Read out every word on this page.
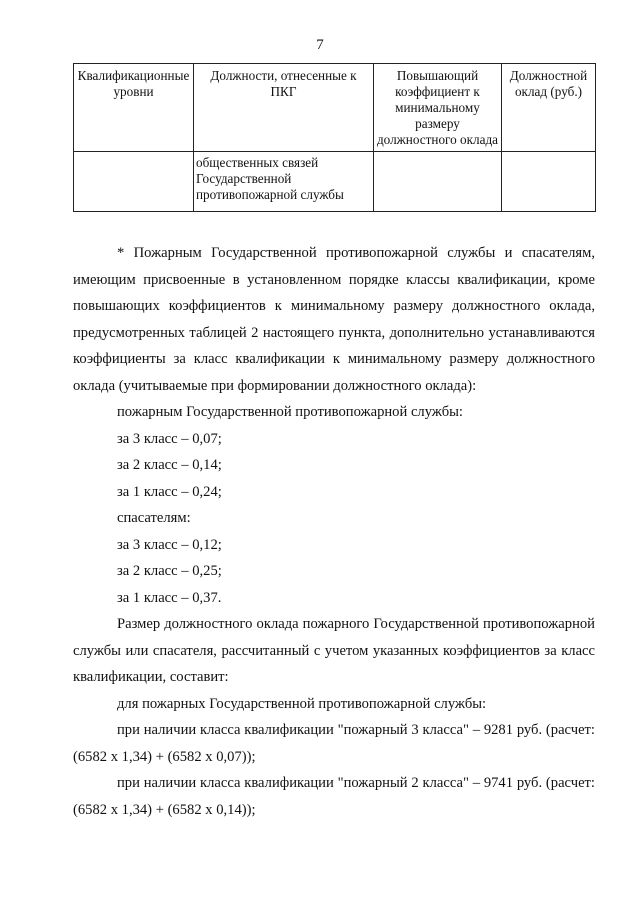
7
Квалификационные уровни	Должности, отнесенные к ПКГ	Повышающий коэффициент к минимальному размеру должностного оклада	Должностной оклад (руб.)
	общественных связей Государственной противопожарной службы		

* Пожарным Государственной противопожарной службы и спасателям, имеющим присвоенные в установленном порядке классы квалификации, кроме повышающих коэффициентов к минимальному размеру должностного оклада, предусмотренных таблицей 2 настоящего пункта, дополнительно устанавливаются коэффициенты за класс квалификации к минимальному размеру должностного оклада (учитываемые при формировании должностного оклада):

пожарным Государственной противопожарной службы:

за 3 класс – 0,07;

за 2 класс – 0,14;

за 1 класс – 0,24;

спасателям:

за 3 класс – 0,12;

за 2 класс – 0,25;

за 1 класс – 0,37.

Размер должностного оклада пожарного Государственной противопожарной службы или спасателя, рассчитанный с учетом указанных коэффициентов за класс квалификации, составит:

для пожарных Государственной противопожарной службы:

при наличии класса квалификации "пожарный 3 класса" – 9281 руб. (расчет: (6582 x 1,34) + (6582 x 0,07));

при наличии класса квалификации "пожарный 2 класса" – 9741 руб. (расчет: (6582 x 1,34) + (6582 x 0,14));
